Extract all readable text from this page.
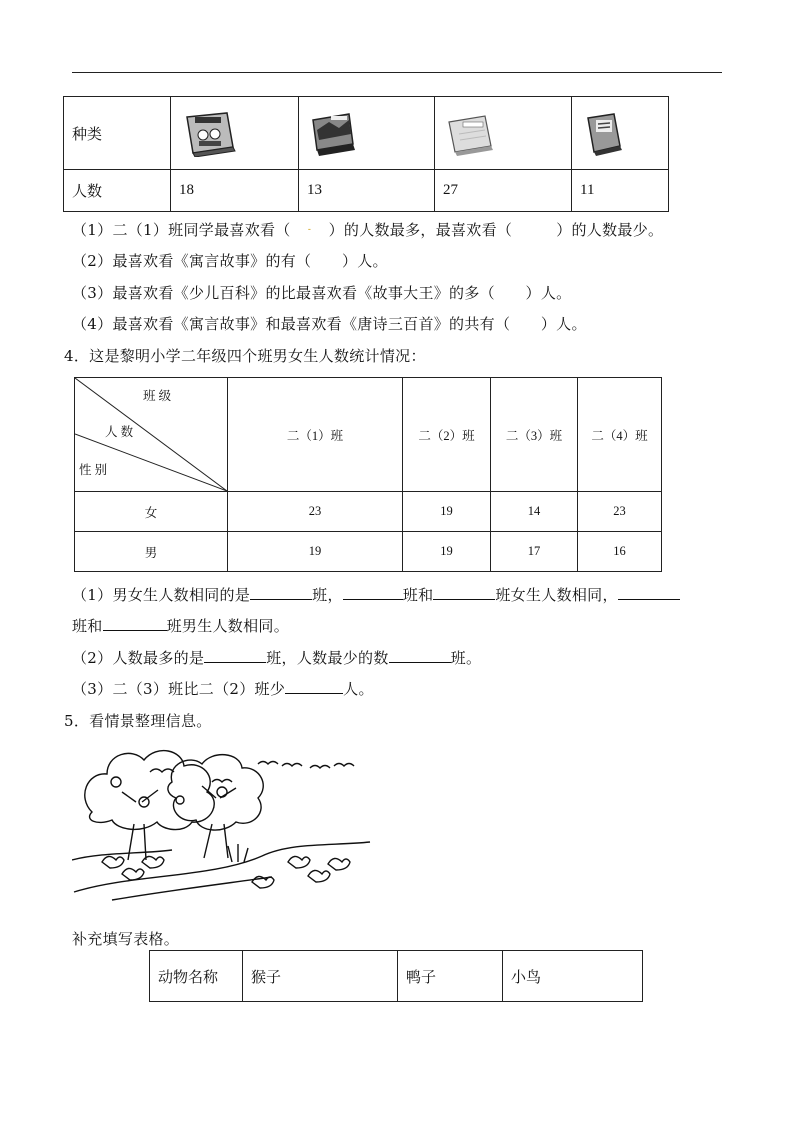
种类	

人数	18	13	27	11
（1）二（1）班同学最喜欢看（ - ）的人数最多，最喜欢看（	）的人数最少。
（2）最喜欢看《寓言故事》的有（　　）人。
（3）最喜欢看《少儿百科》的比最喜欢看《故事大王》的多（　　）人。
（4）最喜欢看《寓言故事》和最喜欢看《唐诗三百首》的共有（　　）人。
4．这是黎明小学二年级四个班男女生人数统计情况：
班 级
人 数
性 别	二（1）班	二（2）班	二（3）班	二（4）班
女	23	19	14	23
男	19	19	17	16
（1）男女生人数相同的是	班，	班和	班女生人数相同，
班和	班男生人数相同。
（2）人数最多的是	班，人数最少的数	班。
（3）二（3）班比二（2）班少	人。
5．看情景整理信息。
补充填写表格。
动物名称	猴子	鸭子	小鸟
